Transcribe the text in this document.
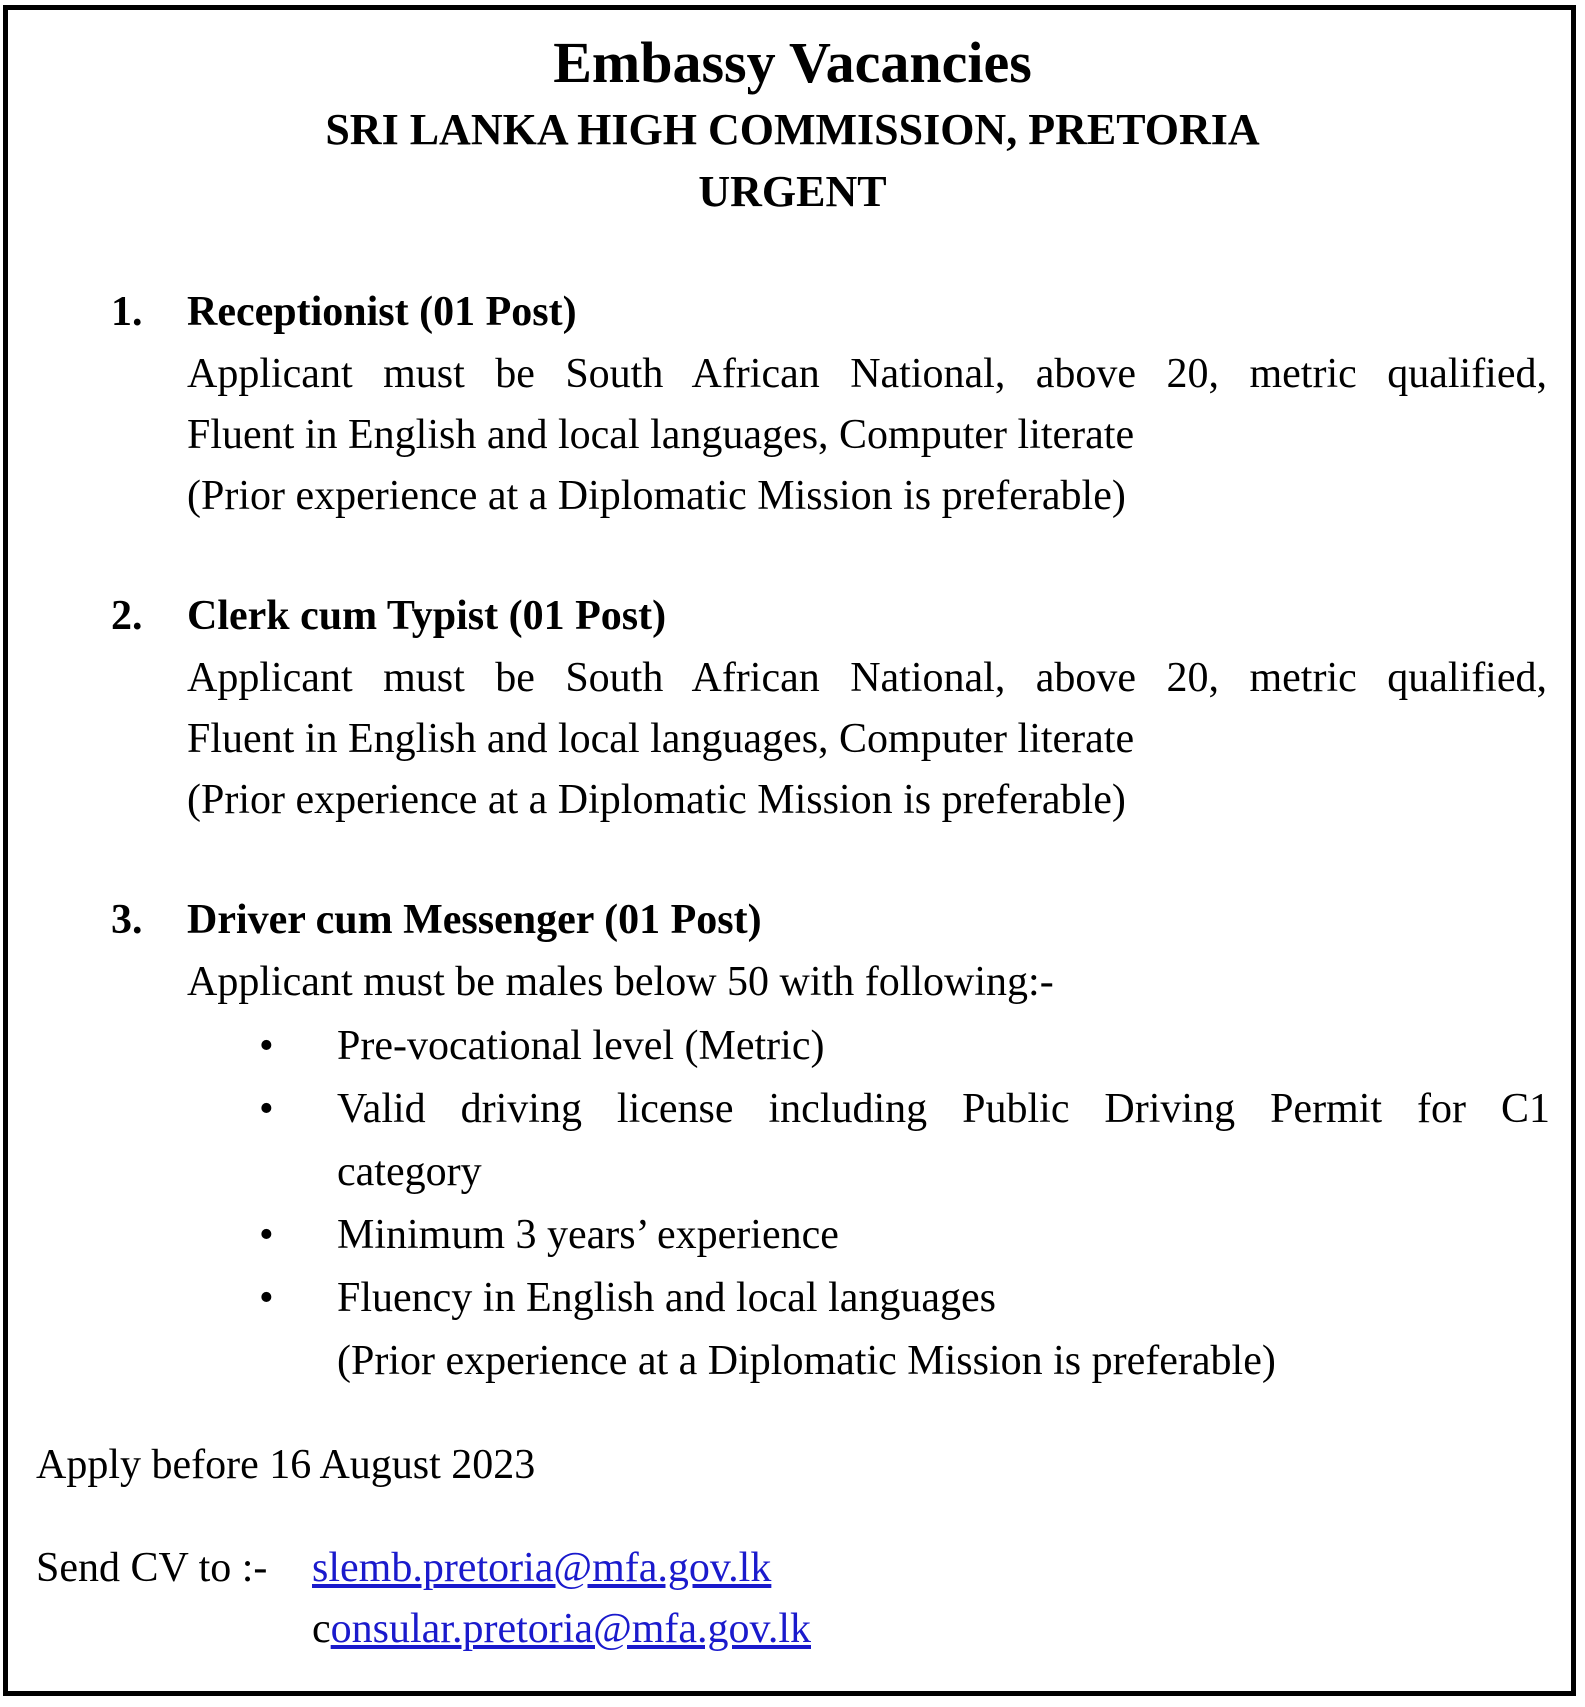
Embassy Vacancies
SRI LANKA HIGH COMMISSION, PRETORIA
URGENT
1. Receptionist (01 Post)
Applicant must be South African National, above 20, metric qualified,
Fluent in English and local languages, Computer literate
(Prior experience at a Diplomatic Mission is preferable)
2. Clerk cum Typist (01 Post)
Applicant must be South African National, above 20, metric qualified,
Fluent in English and local languages, Computer literate
(Prior experience at a Diplomatic Mission is preferable)
3. Driver cum Messenger (01 Post)
Applicant must be males below 50 with following:-
• Pre-vocational level (Metric)
• Valid driving license including Public Driving Permit for C1
category
• Minimum 3 years’ experience
• Fluency in English and local languages
(Prior experience at a Diplomatic Mission is preferable)
Apply before 16 August 2023
Send CV to :- slemb.pretoria@mfa.gov.lk
consular.pretoria@mfa.gov.lk
